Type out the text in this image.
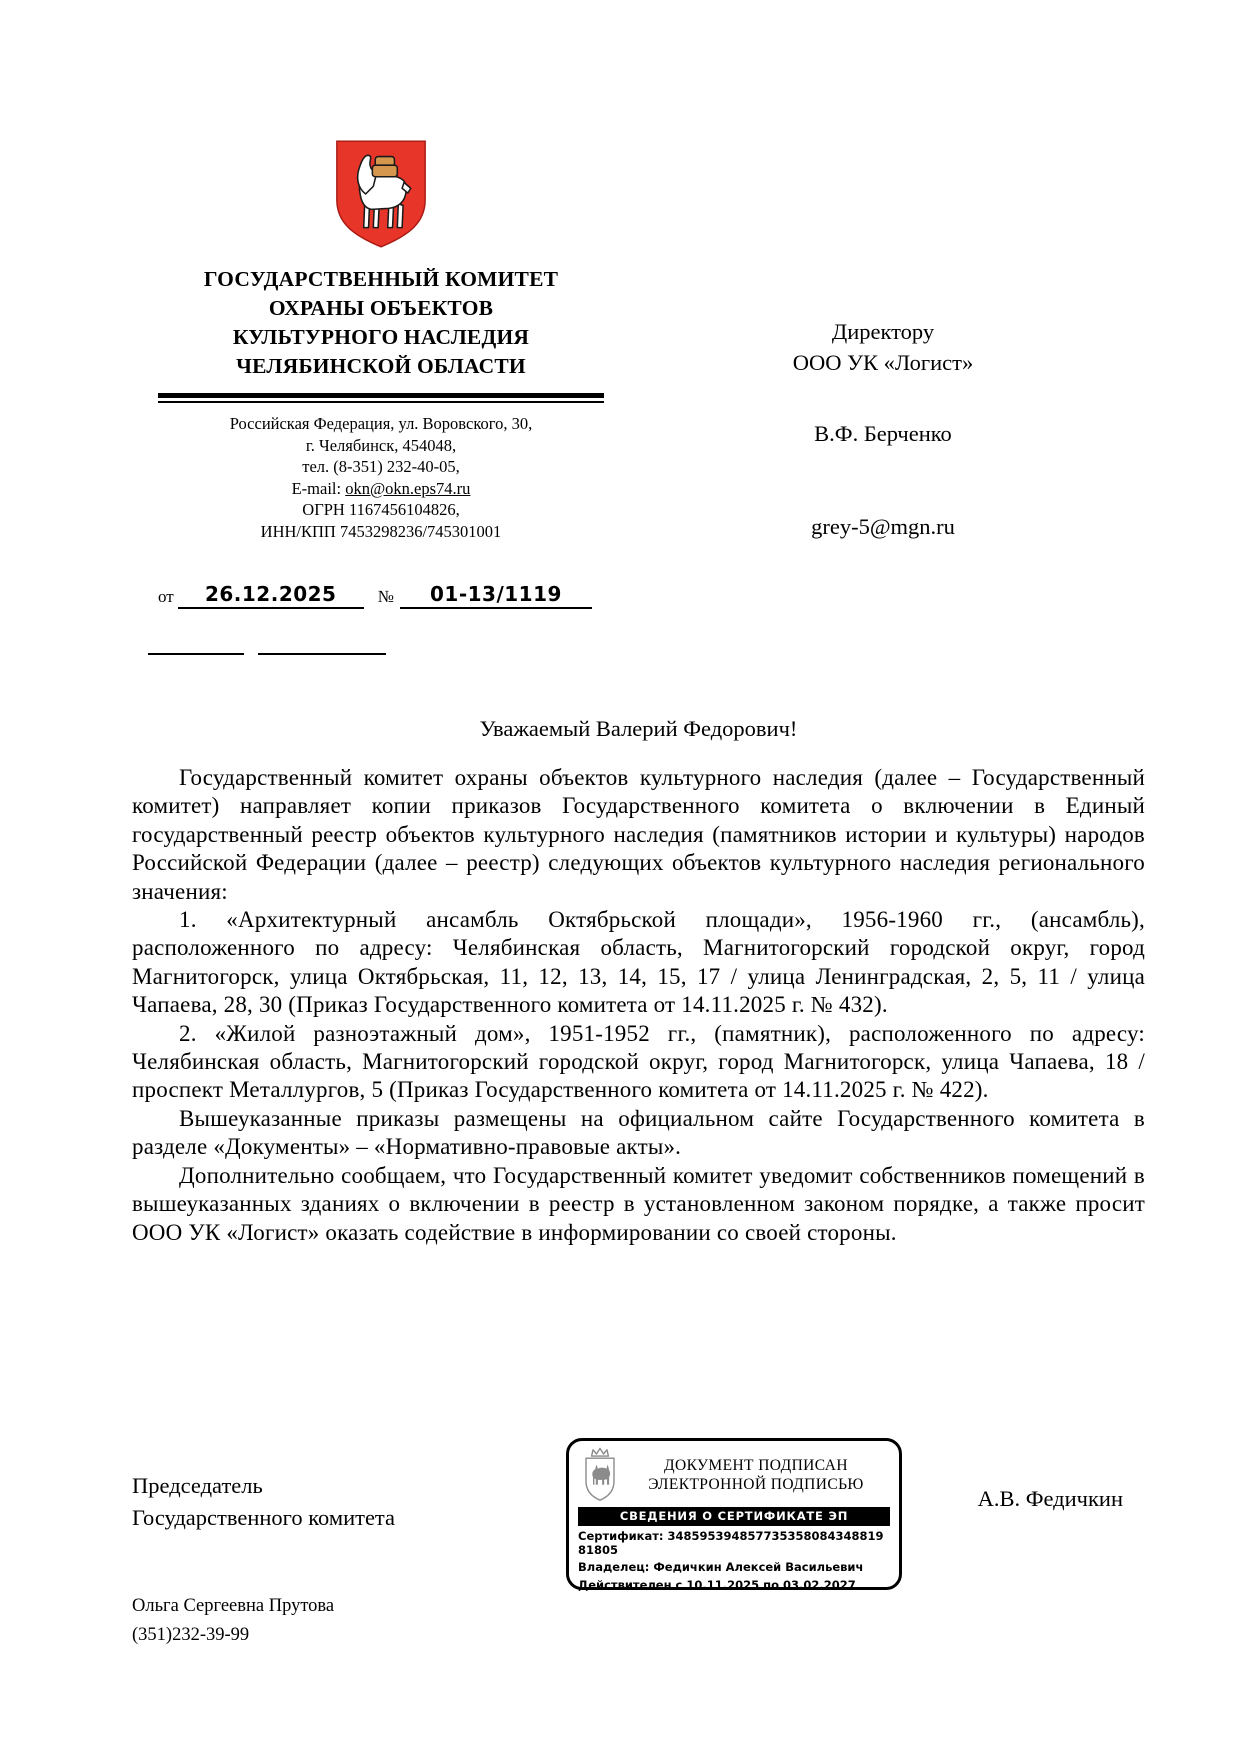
ГОСУДАРСТВЕННЫЙ КОМИТЕТ
ОХРАНЫ ОБЪЕКТОВ
КУЛЬТУРНОГО НАСЛЕДИЯ
ЧЕЛЯБИНСКОЙ ОБЛАСТИ
Российская Федерация, ул. Воровского, 30,
г. Челябинск, 454048,
тел. (8-351) 232-40-05,
E-mail: okn@okn.eps74.ru
ОГРН 1167456104826,
ИНН/КПП 7453298236/745301001
от	26.12.2025	№	01-13/1119
Директору
ООО УК «Логист»
В.Ф. Берченко
grey-5@mgn.ru
Уважаемый Валерий Федорович!

Государственный комитет охраны объектов культурного наследия (далее – Государственный комитет) направляет копии приказов Государственного комитета о включении в Единый государственный реестр объектов культурного наследия (памятников истории и культуры) народов Российской Федерации (далее – реестр) следующих объектов культурного наследия регионального значения:

1. «Архитектурный ансамбль Октябрьской площади», 1956-1960 гг., (ансамбль), расположенного по адресу: Челябинская область, Магнитогорский городской округ, город Магнитогорск, улица Октябрьская, 11, 12, 13, 14, 15, 17 / улица Ленинградская, 2, 5, 11 / улица Чапаева, 28, 30 (Приказ Государственного комитета от 14.11.2025 г. № 432).

2. «Жилой разноэтажный дом», 1951-1952 гг., (памятник), расположенного по адресу: Челябинская область, Магнитогорский городской округ, город Магнитогорск, улица Чапаева, 18 / проспект Металлургов, 5 (Приказ Государственного комитета от 14.11.2025 г. № 422).

Вышеуказанные приказы размещены на официальном сайте Государственного комитета в разделе «Документы» – «Нормативно-правовые акты».

Дополнительно сообщаем, что Государственный комитет уведомит собственников помещений в вышеуказанных зданиях о включении в реестр в установленном законом порядке, а также просит ООО УК «Логист» оказать содействие в информировании со своей стороны.

Председатель
Государственного комитета
А.В. Федичкин
ДОКУМЕНТ ПОДПИСАН
ЭЛЕКТРОННОЙ ПОДПИСЬЮ
СВЕДЕНИЯ О СЕРТИФИКАТЕ ЭП
Сертификат: 34859539485773535808434881981805
Владелец: Федичкин Алексей Васильевич
Действителен с 10.11.2025 по 03.02.2027
Ольга Сергеевна Прутова
(351)232-39-99
